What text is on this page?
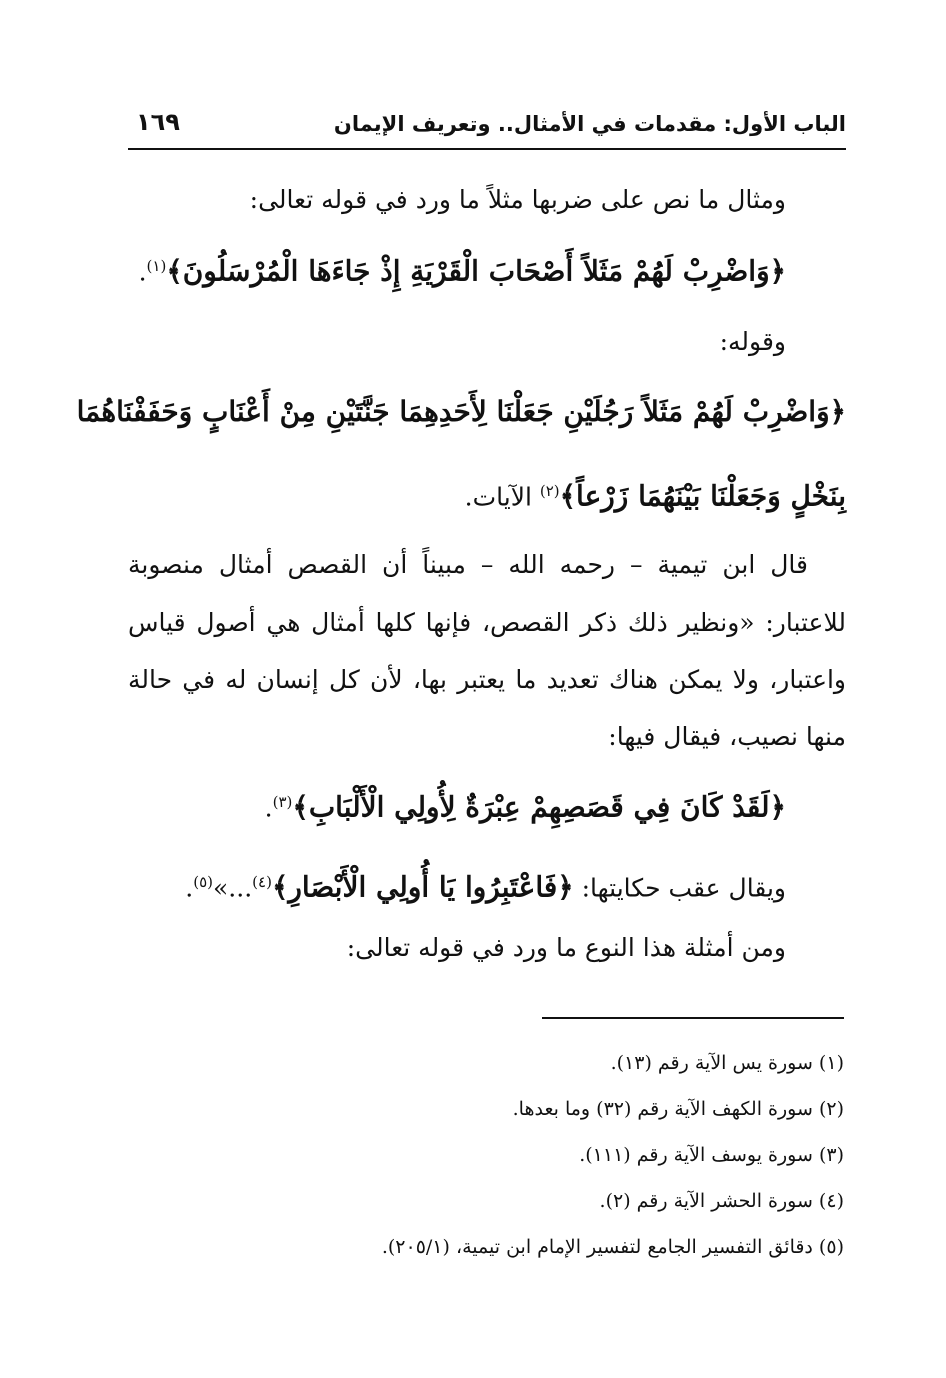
الباب الأول: مقدمات في الأمثال.. وتعريف الإيمان
١٦٩
ومثال ما نص على ضربها مثلاً ما ورد في قوله تعالى:
﴿وَاضْرِبْ لَهُمْ مَثَلاً أَصْحَابَ الْقَرْيَةِ إِذْ جَاءَهَا الْمُرْسَلُونَ﴾$^{(١)}$.
وقوله:
﴿وَاضْرِبْ لَهُمْ مَثَلاً رَجُلَيْنِ جَعَلْنَا لِأَحَدِهِمَا جَنَّتَيْنِ مِنْ أَعْنَابٍ وَحَفَفْنَاهُمَا
بِنَخْلٍ وَجَعَلْنَا بَيْنَهُمَا زَرْعاً﴾$^{(٢)}$ الآيات.
قال ابن تيمية – رحمه الله – مبيناً أن القصص أمثال منصوبة
للاعتبار: «ونظير ذلك ذكر القصص، فإنها كلها أمثال هي أصول قياس
واعتبار، ولا يمكن هناك تعديد ما يعتبر بها، لأن كل إنسان له في حالة
منها نصيب، فيقال فيها:
﴿لَقَدْ كَانَ فِي قَصَصِهِمْ عِبْرَةٌ لِأُولِي الْأَلْبَابِ﴾$^{(٣)}$.
ويقال عقب حكايتها: ﴿فَاعْتَبِرُوا يَا أُولِي الْأَبْصَارِ﴾$^{(٤)}$...»$^{(٥)}$.
ومن أمثلة هذا النوع ما ورد في قوله تعالى:
(١) سورة يس الآية رقم (١٣).
(٢) سورة الكهف الآية رقم (٣٢) وما بعدها.
(٣) سورة يوسف الآية رقم (١١١).
(٤) سورة الحشر الآية رقم (٢).
(٥) دقائق التفسير الجامع لتفسير الإمام ابن تيمية، (٢٠٥/١).
